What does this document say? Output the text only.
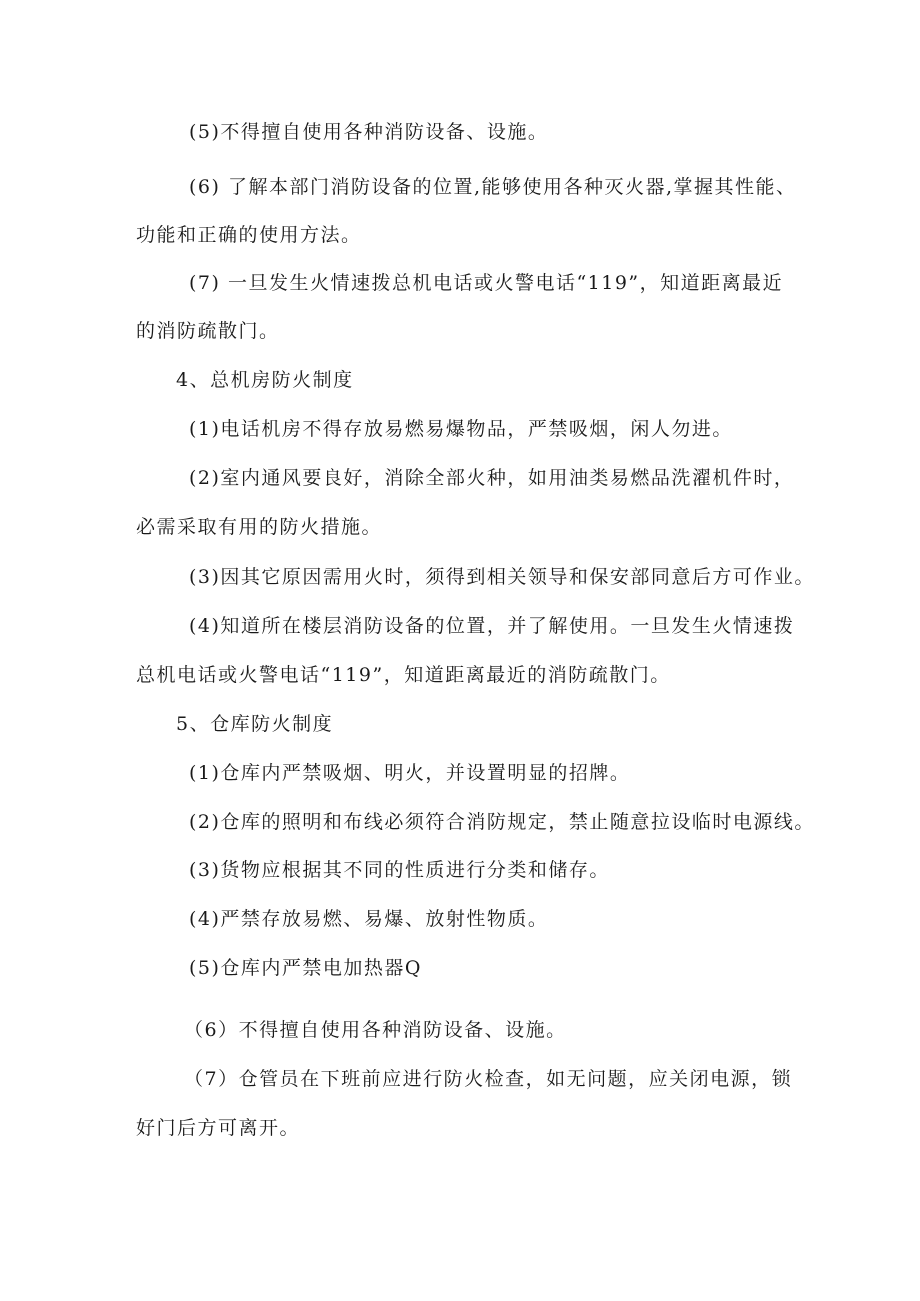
(5)不得擅自使用各种消防设备、设施。
(6) 了解本部门消防设备的位置,能够使用各种灭火器,掌握其性能、
功能和正确的使用方法。
(7) 一旦发生火情速拨总机电话或火警电话“119”，知道距离最近
的消防疏散门。
4、总机房防火制度
(1)电话机房不得存放易燃易爆物品，严禁吸烟，闲人勿进。
(2)室内通风要良好，消除全部火种，如用油类易燃品洗濯机件时，
必需采取有用的防火措施。
(3)因其它原因需用火时，须得到相关领导和保安部同意后方可作业。
(4)知道所在楼层消防设备的位置，并了解使用。一旦发生火情速拨
总机电话或火警电话“119”，知道距离最近的消防疏散门。
5、仓库防火制度
(1)仓库内严禁吸烟、明火，并设置明显的招牌。
(2)仓库的照明和布线必须符合消防规定，禁止随意拉设临时电源线。
(3)货物应根据其不同的性质进行分类和储存。
(4)严禁存放易燃、易爆、放射性物质。
(5)仓库内严禁电加热器Q
（6）不得擅自使用各种消防设备、设施。
（7）仓管员在下班前应进行防火检查，如无问题，应关闭电源，锁
好门后方可离开。
